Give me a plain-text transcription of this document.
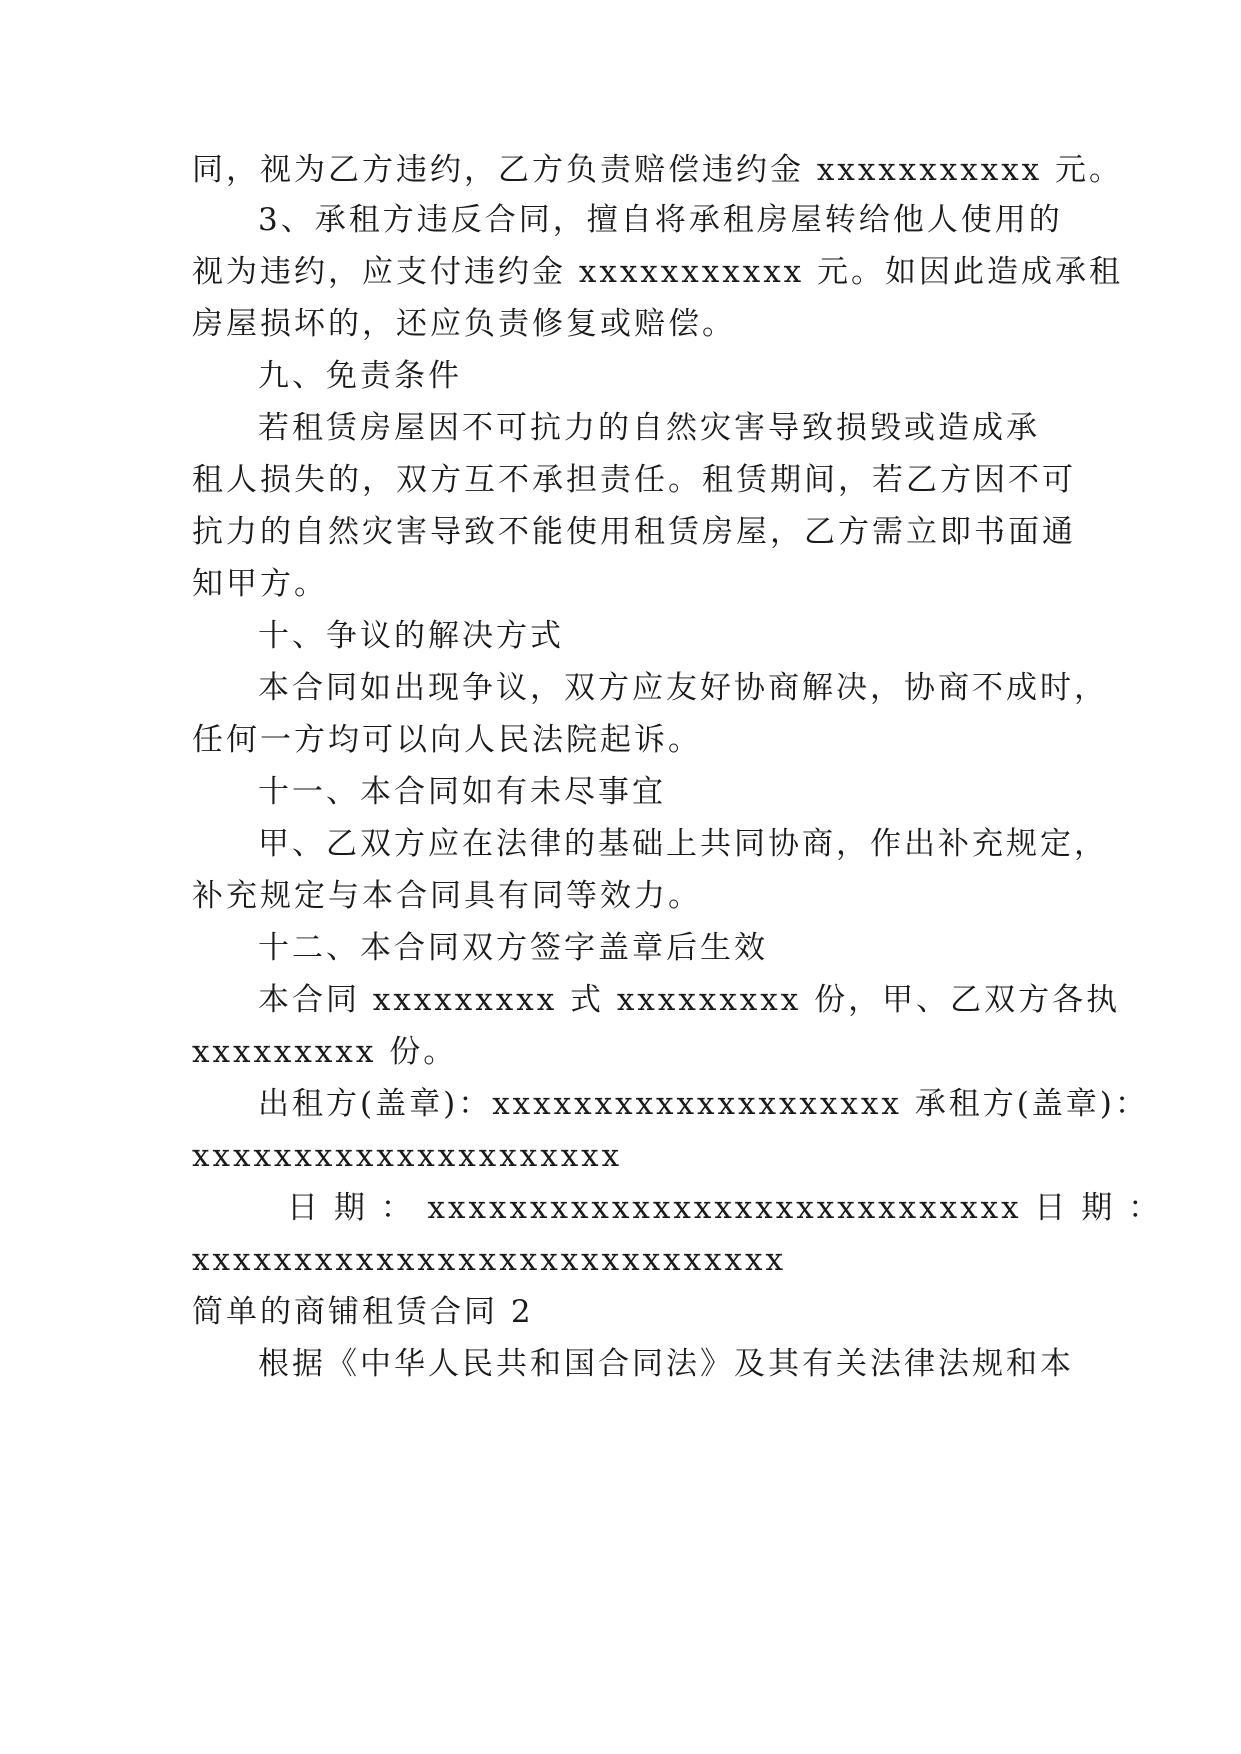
同，视为乙方违约，乙方负责赔偿违约金 xxxxxxxxxxx 元。
3、承租方违反合同，擅自将承租房屋转给他人使用的
视为违约，应支付违约金 xxxxxxxxxxx 元。如因此造成承租
房屋损坏的，还应负责修复或赔偿。
九、免责条件
若租赁房屋因不可抗力的自然灾害导致损毁或造成承
租人损失的，双方互不承担责任。租赁期间，若乙方因不可
抗力的自然灾害导致不能使用租赁房屋，乙方需立即书面通
知甲方。
十、争议的解决方式
本合同如出现争议，双方应友好协商解决，协商不成时，
任何一方均可以向人民法院起诉。
十一、本合同如有未尽事宜
甲、乙双方应在法律的基础上共同协商，作出补充规定，
补充规定与本合同具有同等效力。
十二、本合同双方签字盖章后生效
本合同 xxxxxxxxx 式 xxxxxxxxx 份，甲、乙双方各执
xxxxxxxxx 份。
出租方(盖章)：xxxxxxxxxxxxxxxxxxxx 承租方(盖章)：
xxxxxxxxxxxxxxxxxxxxx
日 期 ： xxxxxxxxxxxxxxxxxxxxxxxxxxxxx 日 期 ：
xxxxxxxxxxxxxxxxxxxxxxxxxxxxx
简单的商铺租赁合同 2
根据《中华人民共和国合同法》及其有关法律法规和本
